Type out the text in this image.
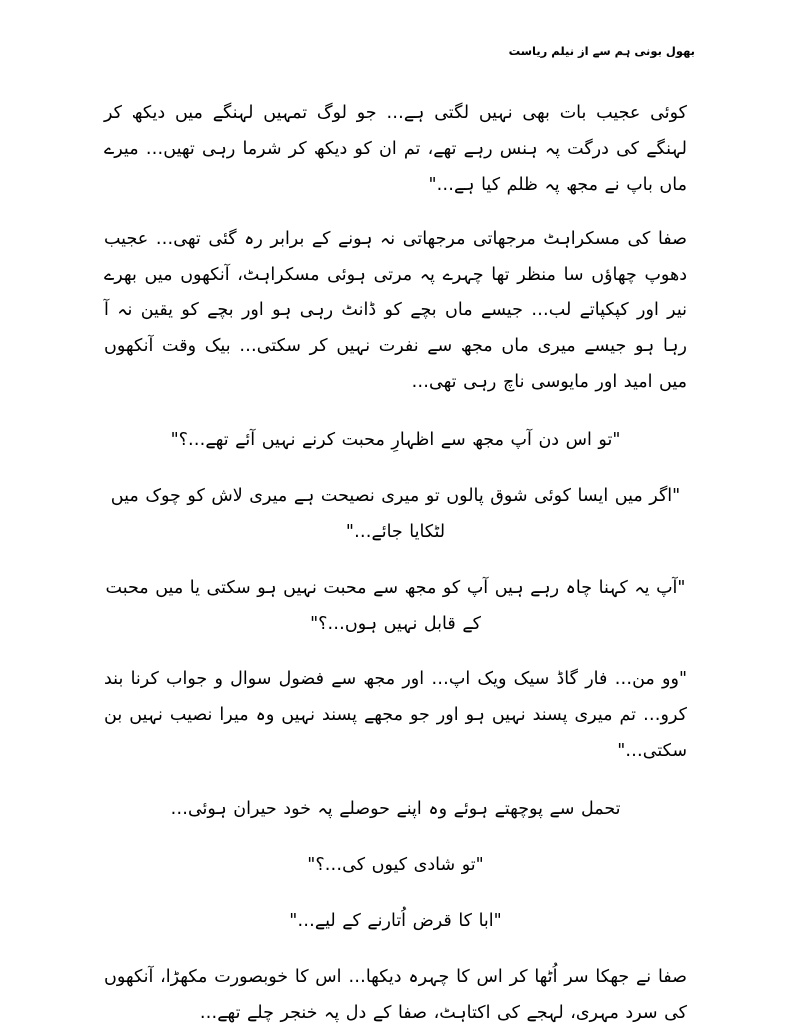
بھول بونی ہم سے از نیلم ریاست

کوئی عجیب بات بھی نہیں لگتی ہے… جو لوگ تمہیں لہنگے میں دیکھ کر لہنگے کی درگت پہ ہنس رہے تھے، تم ان کو دیکھ کر شرما رہی تھیں… میرے ماں باپ نے مجھ پہ ظلم کیا ہے…"

صفا کی مسکراہٹ مرجھاتی مرجھاتی نہ ہونے کے برابر رہ گئی تھی… عجیب دھوپ چھاؤں سا منظر تھا چہرے پہ مرتی ہوئی مسکراہٹ، آنکھوں میں بھرے نیر اور کپکپاتے لب… جیسے ماں بچے کو ڈانٹ رہی ہو اور بچے کو یقین نہ آ رہا ہو جیسے میری ماں مجھ سے نفرت نہیں کر سکتی… بیک وقت آنکھوں میں امید اور مایوسی ناچ رہی تھی…

"تو اس دن آپ مجھ سے اظہارِ محبت کرنے نہیں آئے تھے…؟"

"اگر میں ایسا کوئی شوق پالوں تو میری نصیحت ہے میری لاش کو چوک میں لٹکایا جائے…"

"آپ یہ کہنا چاہ رہے ہیں آپ کو مجھ سے محبت نہیں ہو سکتی یا میں محبت کے قابل نہیں ہوں…؟"

"وو من… فار گاڈ سیک ویک اپ… اور مجھ سے فضول سوال و جواب کرنا بند کرو… تم میری پسند نہیں ہو اور جو مجھے پسند نہیں وہ میرا نصیب نہیں بن سکتی…"

تحمل سے پوچھتے ہوئے وہ اپنے حوصلے پہ خود حیران ہوئی…

"تو شادی کیوں کی…؟"

"ابا کا قرض اُتارنے کے لیے…"

صفا نے جھکا سر اُٹھا کر اس کا چہرہ دیکھا… اس کا خوبصورت مکھڑا، آنکھوں کی سرد مہری، لہجے کی اکتاہٹ، صفا کے دل پہ خنجر چلے تھے…
